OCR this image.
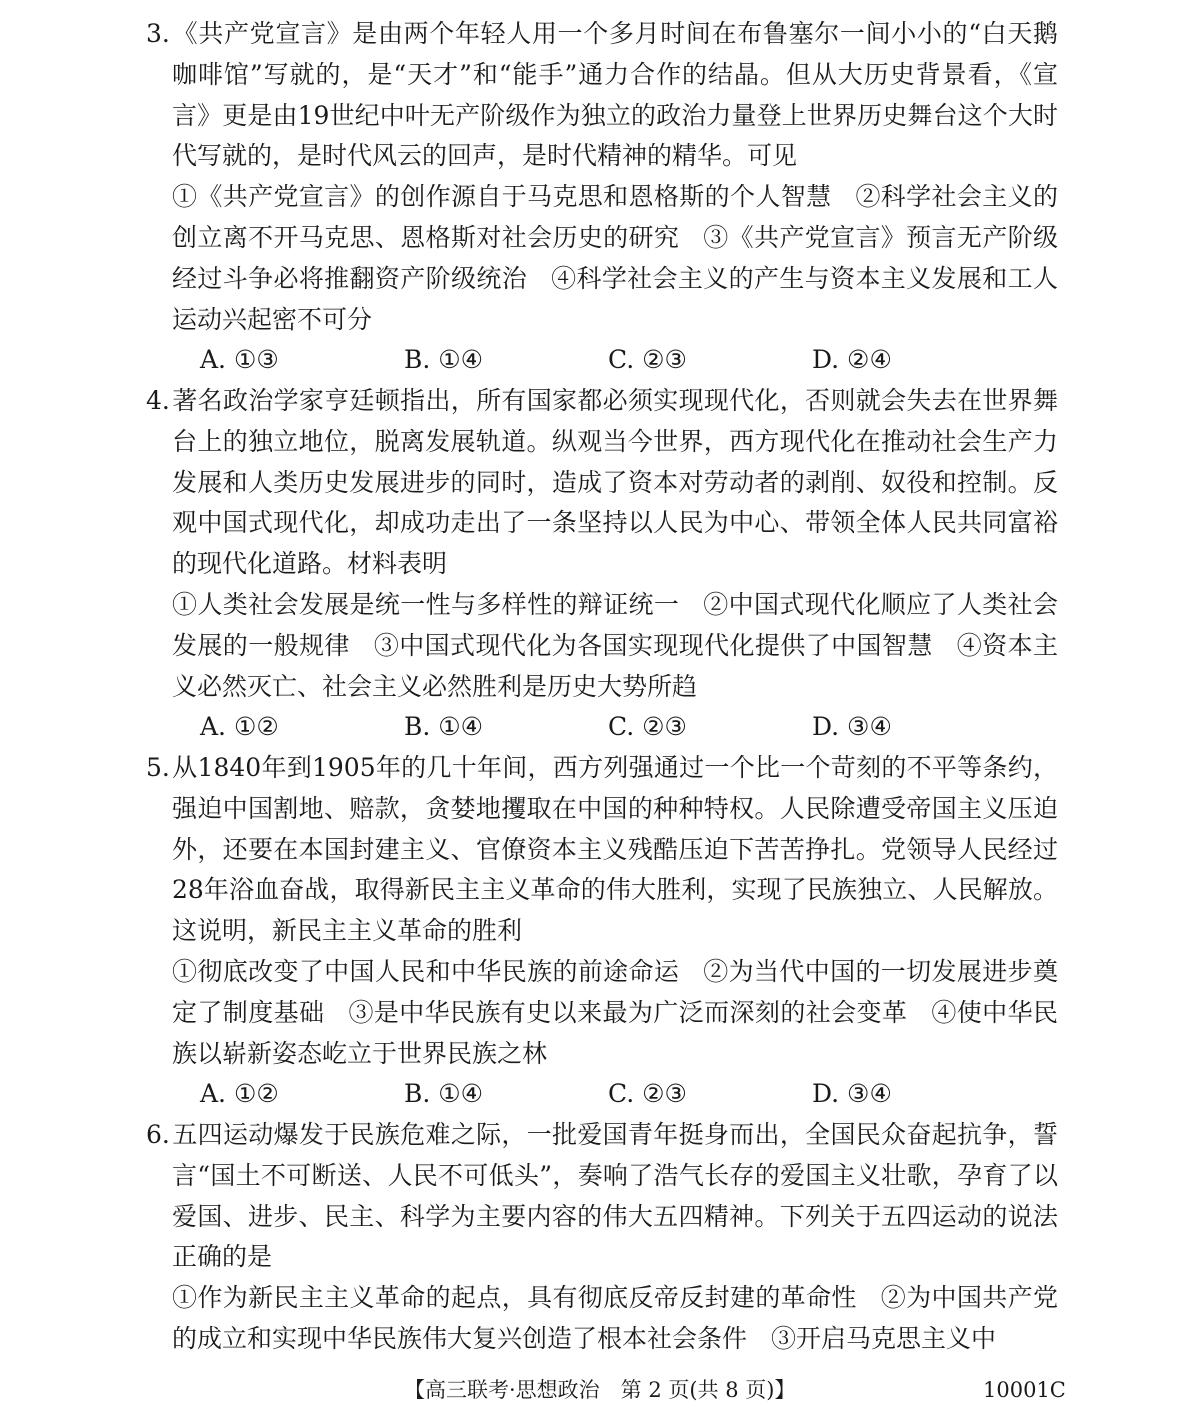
3.《共产党宣言》是由两个年轻人用一个多月时间在布鲁塞尔一间小小的“白天鹅咖啡馆”写就的，是“天才”和“能手”通力合作的结晶。但从大历史背景看，《宣言》更是由19世纪中叶无产阶级作为独立的政治力量登上世界历史舞台这个大时代写就的，是时代风云的回声，是时代精神的精华。可见

①《共产党宣言》的创作源自于马克思和恩格斯的个人智慧 ②科学社会主义的创立离不开马克思、恩格斯对社会历史的研究 ③《共产党宣言》预言无产阶级经过斗争必将推翻资产阶级统治 ④科学社会主义的产生与资本主义发展和工人运动兴起密不可分

A. ①③	B. ①④	C. ②③	D. ②④

4.著名政治学家亨廷顿指出，所有国家都必须实现现代化，否则就会失去在世界舞台上的独立地位，脱离发展轨道。纵观当今世界，西方现代化在推动社会生产力发展和人类历史发展进步的同时，造成了资本对劳动者的剥削、奴役和控制。反观中国式现代化，却成功走出了一条坚持以人民为中心、带领全体人民共同富裕的现代化道路。材料表明

①人类社会发展是统一性与多样性的辩证统一 ②中国式现代化顺应了人类社会发展的一般规律 ③中国式现代化为各国实现现代化提供了中国智慧 ④资本主义必然灭亡、社会主义必然胜利是历史大势所趋

A. ①②	B. ①④	C. ②③	D. ③④

5.从1840年到1905年的几十年间，西方列强通过一个比一个苛刻的不平等条约，强迫中国割地、赔款，贪婪地攫取在中国的种种特权。人民除遭受帝国主义压迫外，还要在本国封建主义、官僚资本主义残酷压迫下苦苦挣扎。党领导人民经过28年浴血奋战，取得新民主主义革命的伟大胜利，实现了民族独立、人民解放。这说明，新民主主义革命的胜利

①彻底改变了中国人民和中华民族的前途命运 ②为当代中国的一切发展进步奠定了制度基础 ③是中华民族有史以来最为广泛而深刻的社会变革 ④使中华民族以崭新姿态屹立于世界民族之林

A. ①②	B. ①④	C. ②③	D. ③④

6.五四运动爆发于民族危难之际，一批爱国青年挺身而出，全国民众奋起抗争，誓言“国土不可断送、人民不可低头”，奏响了浩气长存的爱国主义壮歌，孕育了以爱国、进步、民主、科学为主要内容的伟大五四精神。下列关于五四运动的说法正确的是

①作为新民主主义革命的起点，具有彻底反帝反封建的革命性 ②为中国共产党的成立和实现中华民族伟大复兴创造了根本社会条件 ③开启马克思主义中

【高三联考·思想政治　第 2 页(共 8 页)】	10001C
